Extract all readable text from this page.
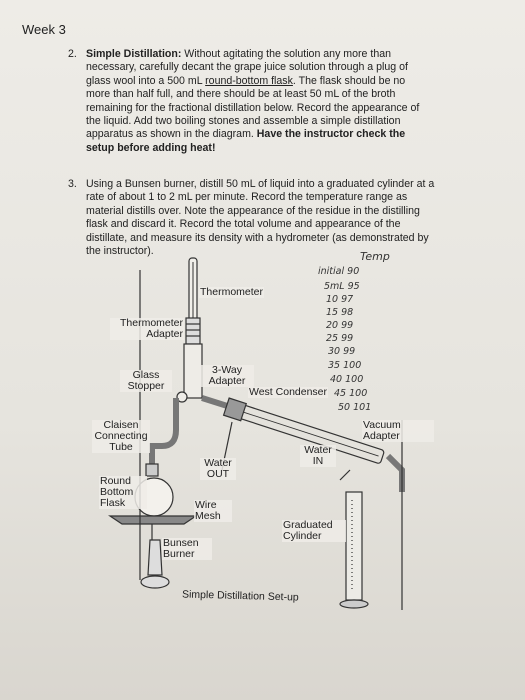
Week 3
2. Simple Distillation: Without agitating the solution any more than necessary, carefully decant the grape juice solution through a plug of glass wool into a 500 mL round-bottom flask. The flask should be no more than half full, and there should be at least 50 mL of the broth remaining for the fractional distillation below. Record the appearance of the liquid. Add two boiling stones and assemble a simple distillation apparatus as shown in the diagram. Have the instructor check the setup before adding heat!
3. Using a Bunsen burner, distill 50 mL of liquid into a graduated cylinder at a rate of about 1 to 2 mL per minute. Record the temperature range as material distills over. Note the appearance of the residue in the distilling flask and discard it. Record the total volume and appearance of the distillate, and measure its density with a hydrometer (as demonstrated by the instructor).
Thermometer
Thermometer Adapter
Glass Stopper
3-Way Adapter
West Condenser
Claisen Connecting Tube
Vacuum Adapter
Water IN
Water OUT
Round Bottom Flask	Wire Mesh
Graduated Cylinder
Bunsen Burner
Simple Distillation Set-up
Temp
initial 90
5mL 95
10 97
15 98
20 99
25 99
30 99
35 100
40 100
45 100
50 101
